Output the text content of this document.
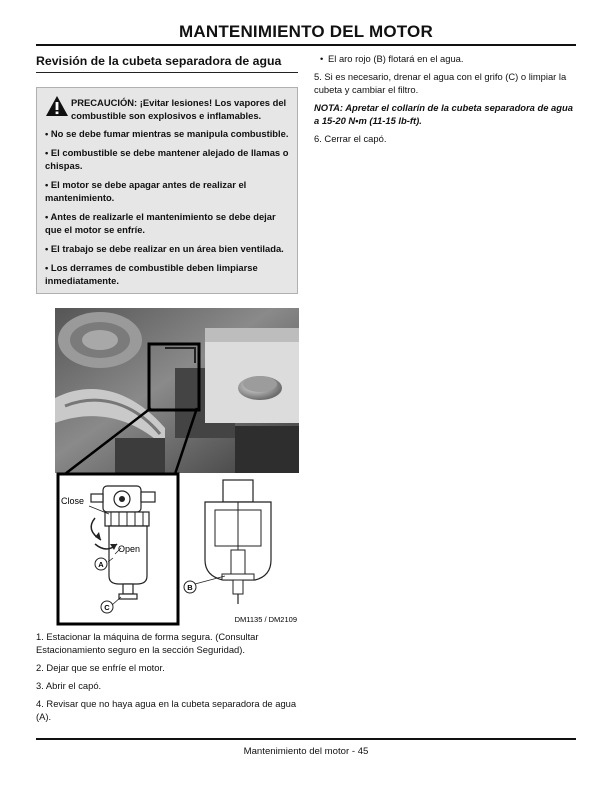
MANTENIMIENTO DEL MOTOR
Revisión de la cubeta separadora de agua
PRECAUCIÓN: ¡Evitar lesiones! Los vapores del combustible son explosivos e inflamables.

• No se debe fumar mientras se manipula combustible.

• El combustible se debe mantener alejado de llamas o chispas.

• El motor se debe apagar antes de realizar el mantenimiento.

• Antes de realizarle el mantenimiento se debe dejar que el motor se enfríe.

• El trabajo se debe realizar en un área bien ventilada.

• Los derrames de combustible deben limpiarse inmediatamente.

Close
Open
A
C
B
DM1135 / DM2109

1. Estacionar la máquina de forma segura. (Consultar Estacionamiento seguro en la sección Seguridad).

2. Dejar que se enfríe el motor.

3. Abrir el capó.

4. Revisar que no haya agua en la cubeta separadora de agua (A).

• El aro rojo (B) flotará en el agua.

5. Si es necesario, drenar el agua con el grifo (C) o limpiar la cubeta y cambiar el filtro.

NOTA: Apretar el collarín de la cubeta separadora de agua a 15-20 N•m (11-15 lb-ft).

6. Cerrar el capó.

Mantenimiento del motor - 45
